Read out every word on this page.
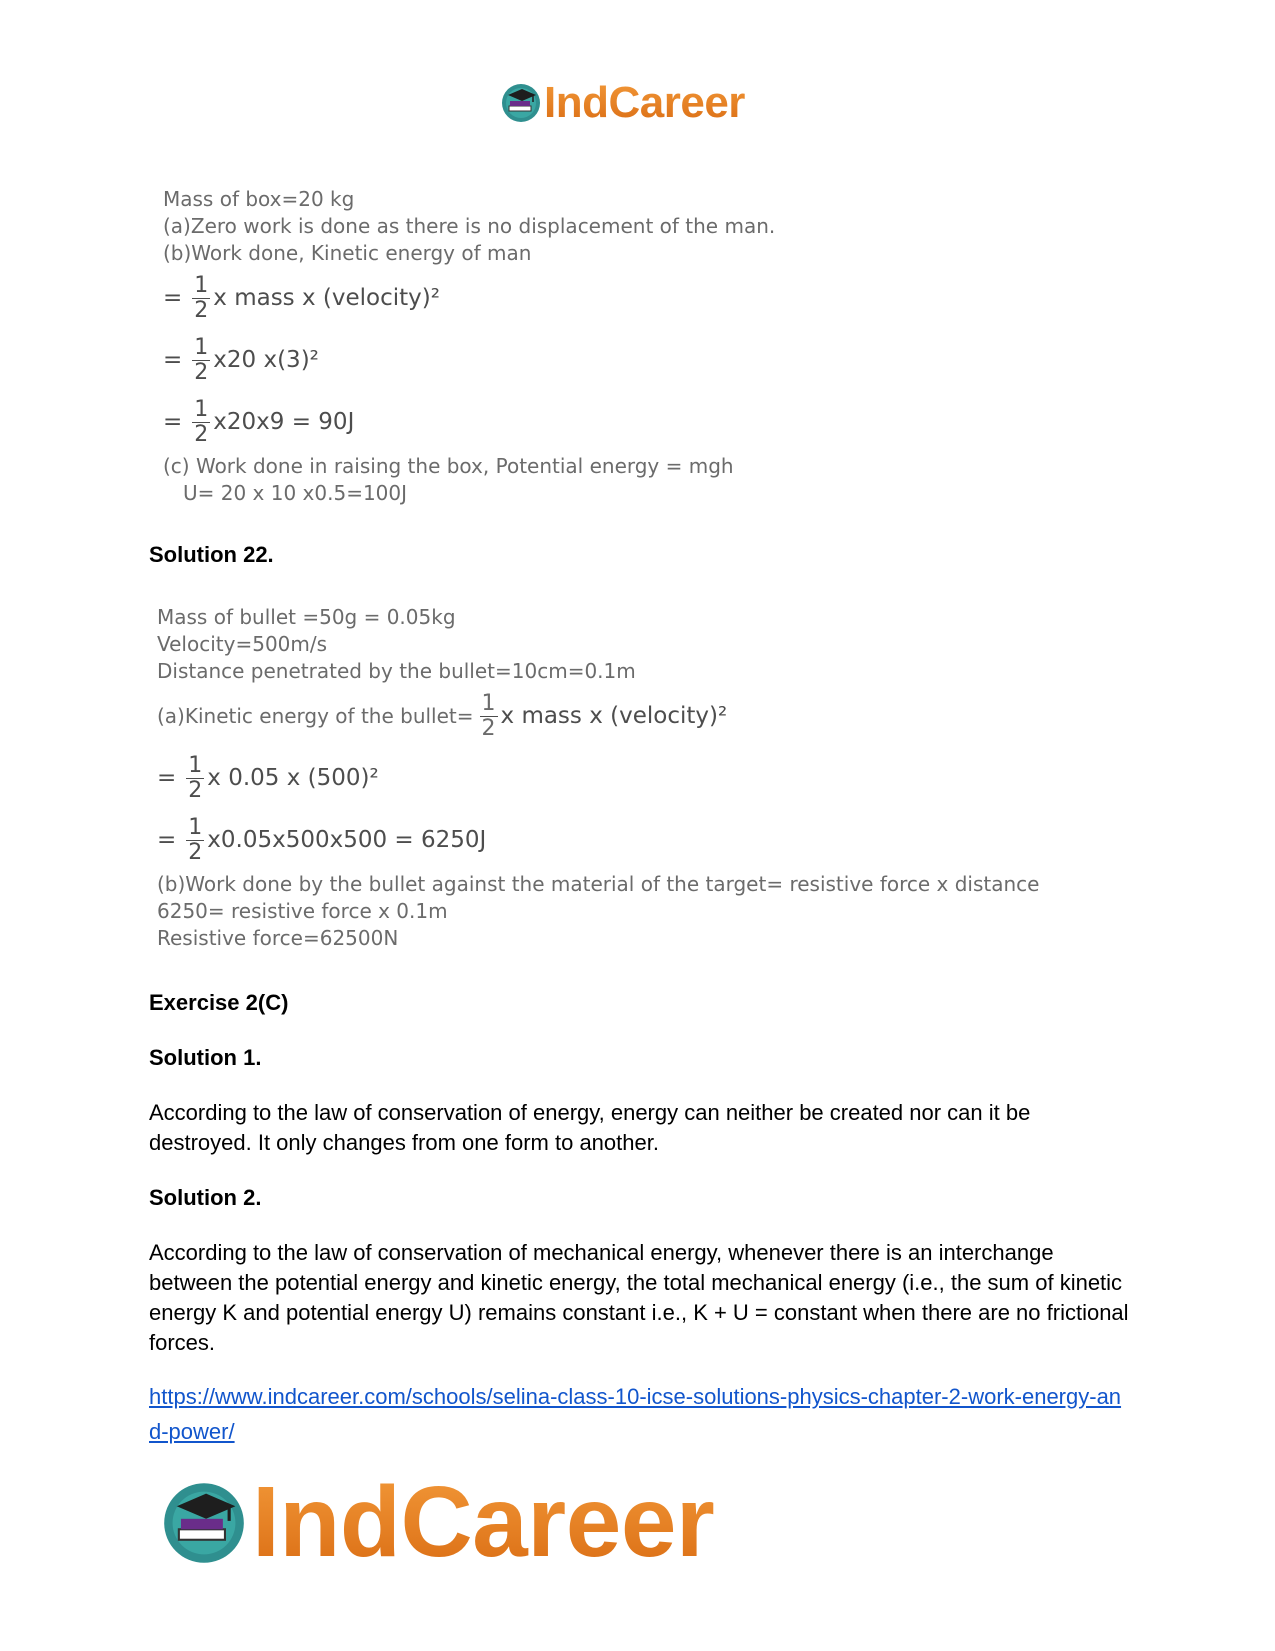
IndCareer
Mass of box=20 kg
(a)Zero work is done as there is no displacement of the man.
(b)Work done, Kinetic energy of man
= $\frac{1}{2}$ x mass x (velocity)²
= $\frac{1}{2} x20$ x(3)²
= $\frac{1}{2} x20x9 = 90J$
(c) Work done in raising the box, Potential energy = mgh
U= 20 x 10 x0.5=100J
Solution 22.
Mass of bullet =50g = 0.05kg
Velocity=500m/s
Distance penetrated by the bullet=10cm=0.1m
(a)Kinetic energy of the bullet= $\frac{1}{2}$ x mass x (velocity)²
= $\frac{1}{2}$ x 0.05 x (500)²
= $\frac{1}{2} x0.05x500x500 = 6250J$
(b)Work done by the bullet against the material of the target= resistive force x distance
6250= resistive force x 0.1m
Resistive force=62500N
Exercise 2(C)
Solution 1.
According to the law of conservation of energy, energy can neither be created nor can it be destroyed. It only changes from one form to another.
Solution 2.
According to the law of conservation of mechanical energy, whenever there is an interchange between the potential energy and kinetic energy, the total mechanical energy (i.e., the sum of kinetic energy K and potential energy U) remains constant i.e., K + U = constant when there are no frictional forces.
https://www.indcareer.com/schools/selina-class-10-icse-solutions-physics-chapter-2-work-energy-and-power/
IndCareer
